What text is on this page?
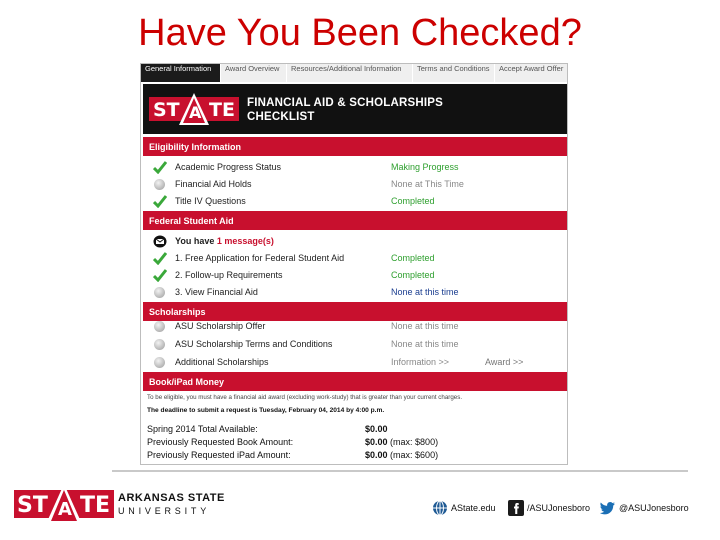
Have You Been Checked?
General Information	Award Overview	Resources/Additional Information	Terms and Conditions	Accept Award Offer
ST TE
A	FINANCIAL AID & SCHOLARSHIPS
CHECKLIST
Eligibility Information
Academic Progress Status	Making Progress
Financial Aid Holds	None at This Time
Title IV Questions	Completed
Federal Student Aid
You have 1 message(s)
1. Free Application for Federal Student Aid	Completed
2. Follow-up Requirements	Completed
3. View Financial Aid	None at this time
Scholarships
ASU Scholarship Offer	None at this time
ASU Scholarship Terms and Conditions	None at this time
Additional Scholarships	Information >>	Award >>
Book/iPad Money
To be eligible, you must have a financial aid award (excluding work-study) that is greater than your current charges.
The deadline to submit a request is Tuesday, February 04, 2014 by 4:00 p.m.
Spring 2014 Total Available:	$0.00
Previously Requested Book Amount:	$0.00 (max: $800)
Previously Requested iPad Amount:	$0.00 (max: $600)
ST TE
A
ARKANSAS STATE
UNIVERSITY	AState.edu	/ASUJonesboro	@ASUJonesboro
